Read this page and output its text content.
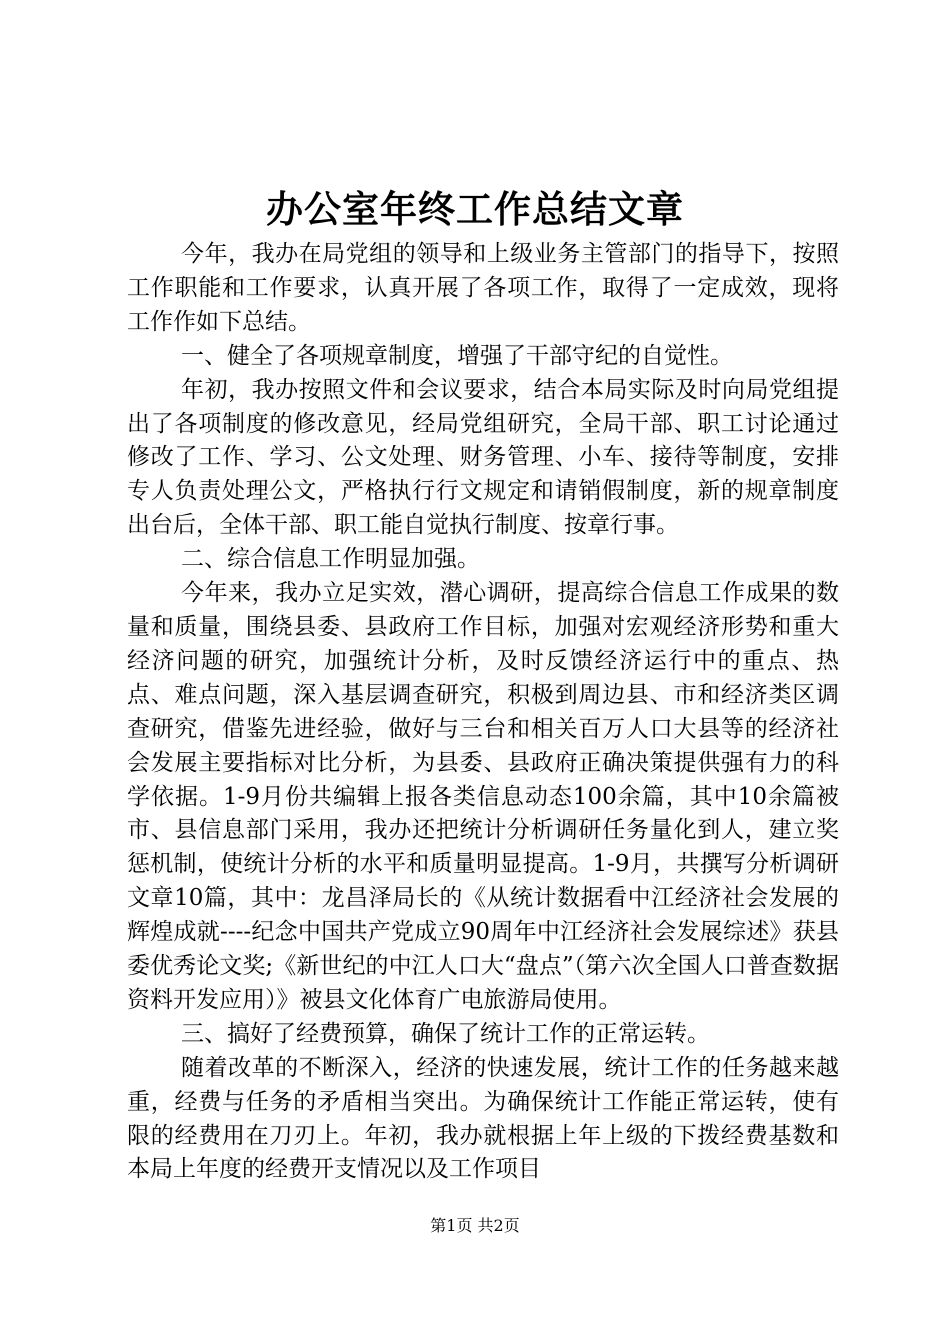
办公室年终工作总结文章

今年，我办在局党组的领导和上级业务主管部门的指导下，按照工作职能和工作要求，认真开展了各项工作，取得了一定成效，现将工作作如下总结。

一、健全了各项规章制度，增强了干部守纪的自觉性。

年初，我办按照文件和会议要求，结合本局实际及时向局党组提出了各项制度的修改意见，经局党组研究，全局干部、职工讨论通过修改了工作、学习、公文处理、财务管理、小车、接待等制度，安排专人负责处理公文，严格执行行文规定和请销假制度，新的规章制度出台后，全体干部、职工能自觉执行制度、按章行事。

二、综合信息工作明显加强。

今年来，我办立足实效，潜心调研，提高综合信息工作成果的数量和质量，围绕县委、县政府工作目标，加强对宏观经济形势和重大经济问题的研究，加强统计分析，及时反馈经济运行中的重点、热点、难点问题，深入基层调查研究，积极到周边县、市和经济类区调查研究，借鉴先进经验，做好与三台和相关百万人口大县等的经济社会发展主要指标对比分析，为县委、县政府正确决策提供强有力的科学依据。1-9月份共编辑上报各类信息动态100余篇，其中10余篇被市、县信息部门采用，我办还把统计分析调研任务量化到人，建立奖惩机制，使统计分析的水平和质量明显提高。1-9月，共撰写分析调研文章10篇，其中：龙昌泽局长的《从统计数据看中江经济社会发展的辉煌成就----纪念中国共产党成立90周年中江经济社会发展综述》获县委优秀论文奖;《新世纪的中江人口大“盘点”（第六次全国人口普查数据资料开发应用）》被县文化体育广电旅游局使用。

三、搞好了经费预算，确保了统计工作的正常运转。

随着改革的不断深入，经济的快速发展，统计工作的任务越来越重，经费与任务的矛盾相当突出。为确保统计工作能正常运转，使有限的经费用在刀刃上。年初，我办就根据上年上级的下拨经费基数和本局上年度的经费开支情况以及工作项目

第1页 共2页
